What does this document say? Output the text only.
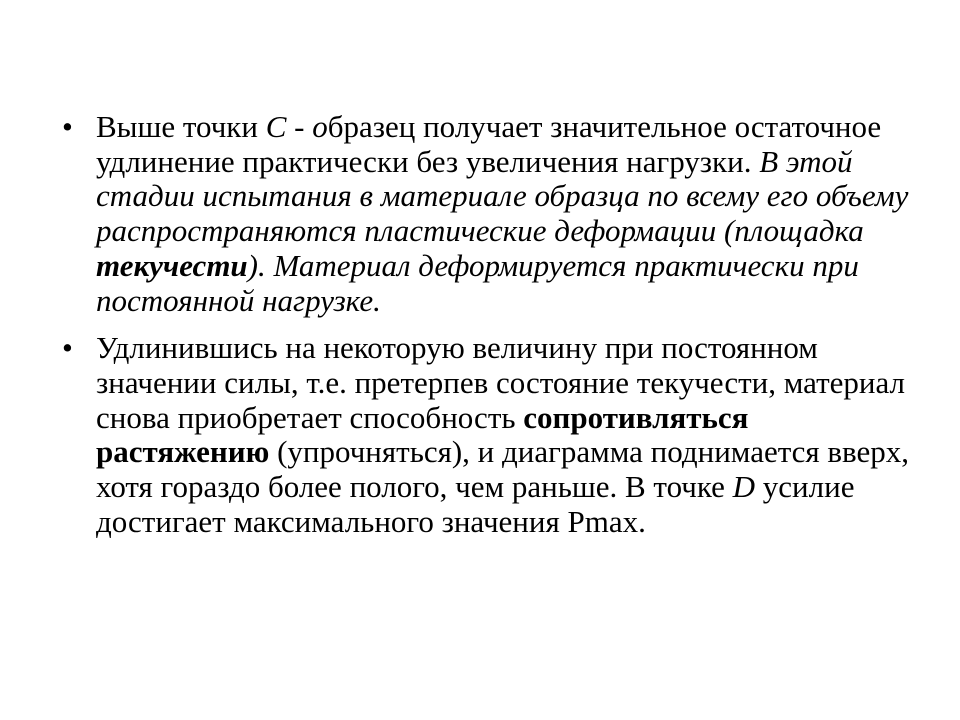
• Выше точки С - образец получает значительное остаточное удлинение практически без увеличения нагрузки. В этой стадии испытания в материале образца по всему его объему распространяются пластические деформации (площадка текучести). Материал деформируется практически при постоянной нагрузке.
• Удлинившись на некоторую величину при постоянном значении силы, т.е. претерпев состояние текучести, материал снова приобретает способность сопротивляться растяжению (упрочняться), и диаграмма поднимается вверх, хотя гораздо более полого, чем раньше. В точке D усилие достигает максимального значения Pmax.
